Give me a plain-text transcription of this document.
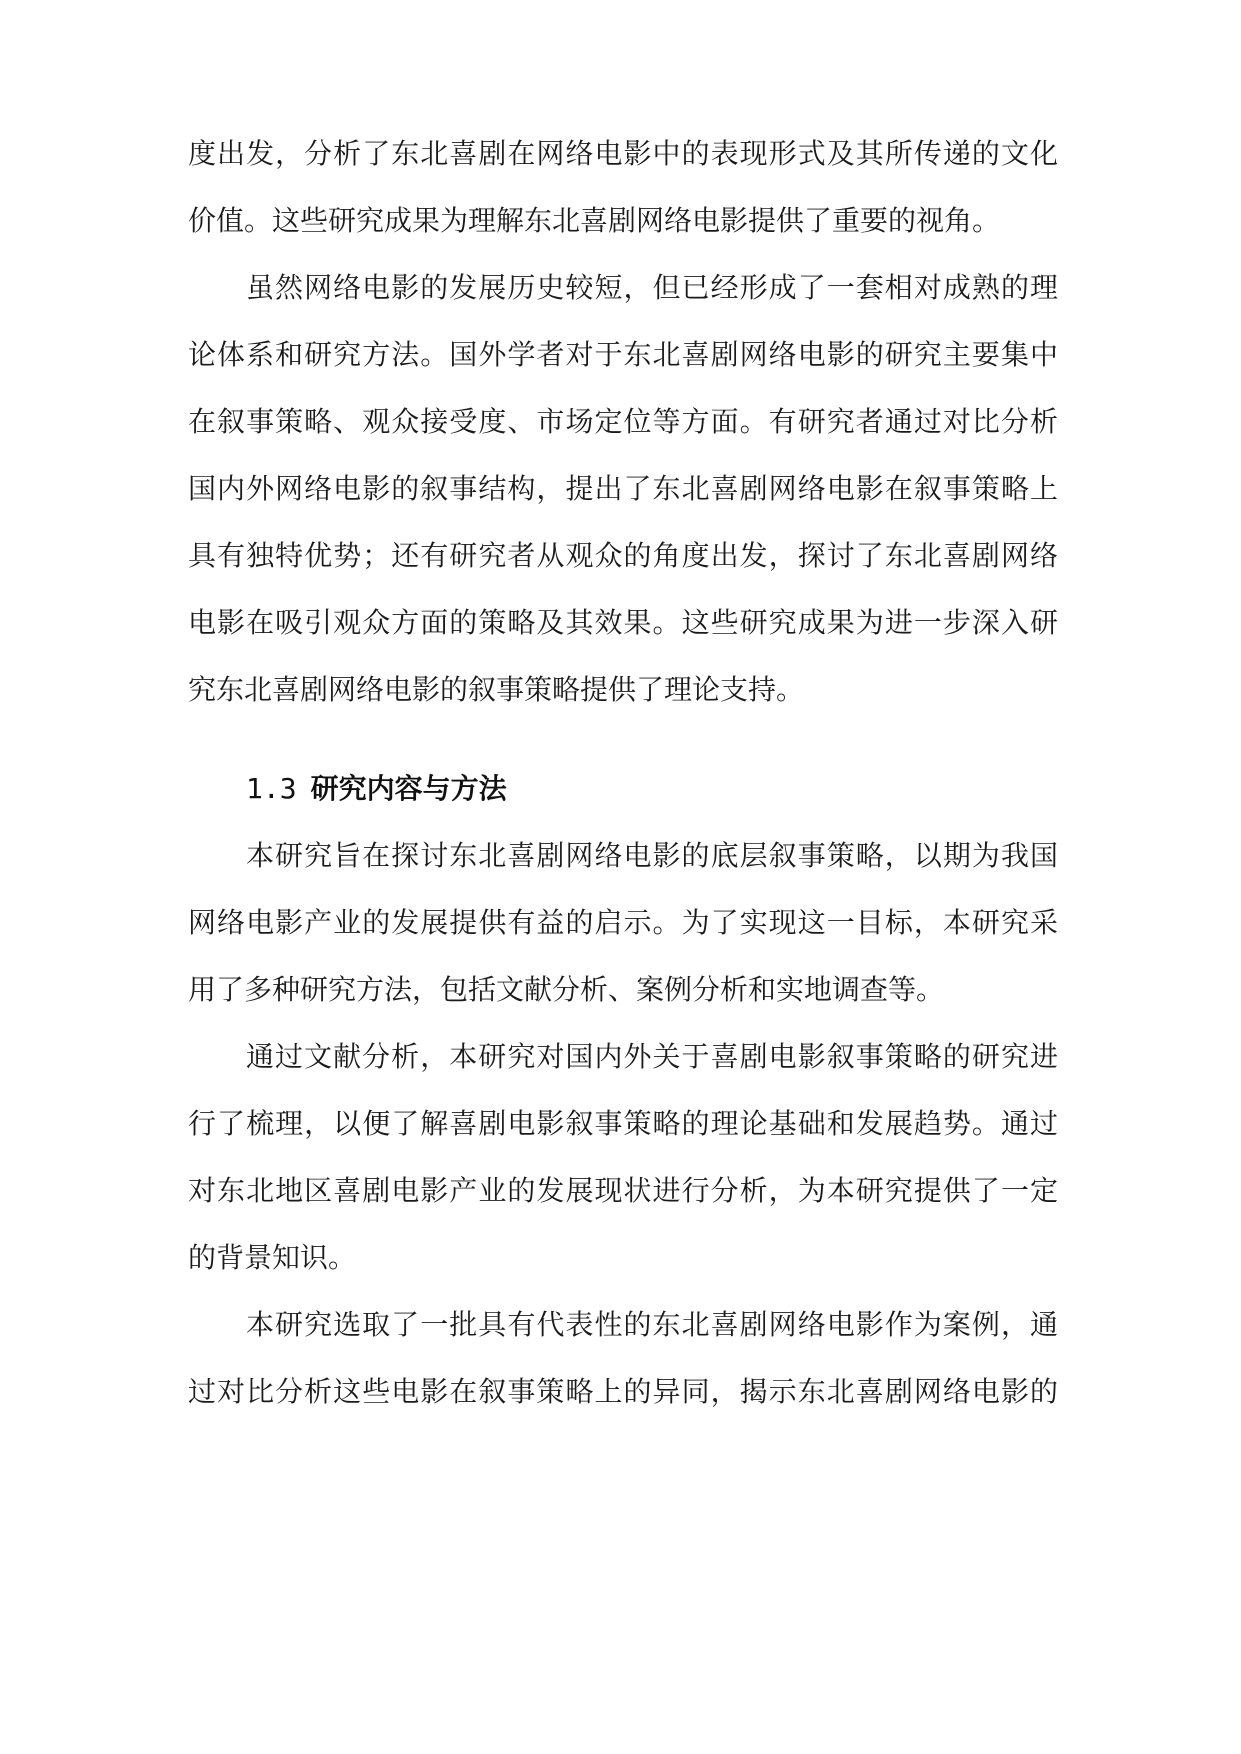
度出发，分析了东北喜剧在网络电影中的表现形式及其所传递的文化
价值。这些研究成果为理解东北喜剧网络电影提供了重要的视角。
虽然网络电影的发展历史较短，但已经形成了一套相对成熟的理
论体系和研究方法。国外学者对于东北喜剧网络电影的研究主要集中
在叙事策略、观众接受度、市场定位等方面。有研究者通过对比分析
国内外网络电影的叙事结构，提出了东北喜剧网络电影在叙事策略上
具有独特优势；还有研究者从观众的角度出发，探讨了东北喜剧网络
电影在吸引观众方面的策略及其效果。这些研究成果为进一步深入研
究东北喜剧网络电影的叙事策略提供了理论支持。
1.3 研究内容与方法
本研究旨在探讨东北喜剧网络电影的底层叙事策略，以期为我国
网络电影产业的发展提供有益的启示。为了实现这一目标，本研究采
用了多种研究方法，包括文献分析、案例分析和实地调查等。
通过文献分析，本研究对国内外关于喜剧电影叙事策略的研究进
行了梳理，以便了解喜剧电影叙事策略的理论基础和发展趋势。通过
对东北地区喜剧电影产业的发展现状进行分析，为本研究提供了一定
的背景知识。
本研究选取了一批具有代表性的东北喜剧网络电影作为案例，通
过对比分析这些电影在叙事策略上的异同，揭示东北喜剧网络电影的
